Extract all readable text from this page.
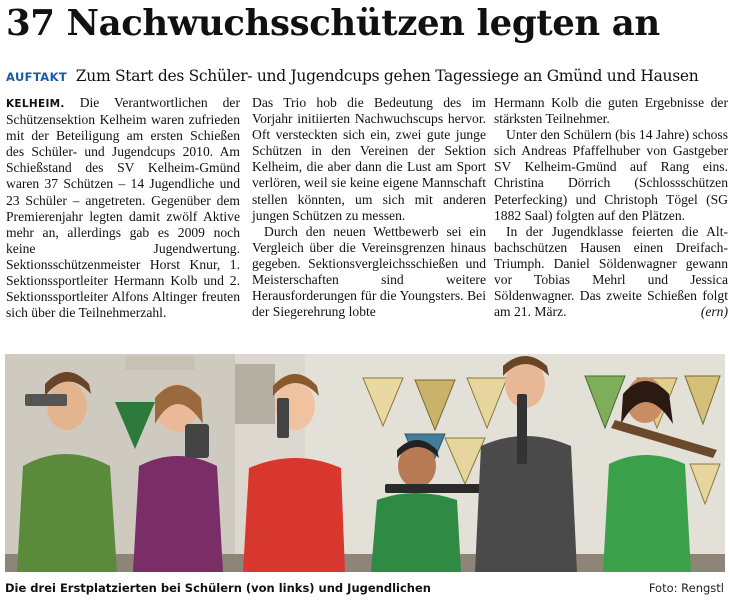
37 Nachwuchsschützen legten an
AUFTAKT Zum Start des Schüler- und Jugendcups gehen Tagessiege an Gmünd und Hausen

KELHEIM. Die Verantwortlichen der Schützensektion Kelheim waren zufrieden mit der Beteiligung am ersten Schießen des Schüler- und Jugendcups 2010. Am Schießstand des SV Kelheim-Gmünd waren 37 Schützen – 14 Jugendliche und 23 Schüler – angetreten. Gegenüber dem Premierenjahr legten damit zwölf Aktive mehr an, allerdings gab es 2009 noch keine Jugendwertung. Sektionsschützenmeister Horst Knur, 1. Sektionssportleiter Hermann Kolb und 2. Sektionssportleiter Alfons Altinger freuten sich über die Teilnehmerzahl.

Das Trio hob die Bedeutung des im Vorjahr initiierten Nachwuchscups hervor. Oft versteckten sich ein, zwei gute junge Schützen in den Vereinen der Sektion Kelheim, die aber dann die Lust am Sport verlören, weil sie keine eigene Mannschaft stellen könnten, um sich mit anderen jungen Schützen zu messen.

Durch den neuen Wettbewerb sei ein Vergleich über die Vereinsgrenzen hinaus gegeben. Sektionsvergleichsschießen und Meisterschaften sind weitere Herausforderungen für die Youngsters. Bei der Siegerehrung lobte

Hermann Kolb die guten Ergebnisse der stärksten Teilnehmer.

Unter den Schülern (bis 14 Jahre) schoss sich Andreas Pfaffelhuber von Gastgeber SV Kelheim-Gmünd auf Rang eins. Christina Dörrich (Schlossschützen Peterfecking) und Christoph Tögel (SG 1882 Saal) folgten auf den Plätzen.

In der Jugendklasse feierten die Altbachschützen Hausen einen DreifachTriumph. Daniel Söldenwagner gewann vor Tobias Mehrl und Jessica Söldenwagner. Das zweite Schießen folgt am 21. März.	(ern)

Die drei Erstplatzierten bei Schülern (von links) und Jugendlichen	Foto: Rengstl
